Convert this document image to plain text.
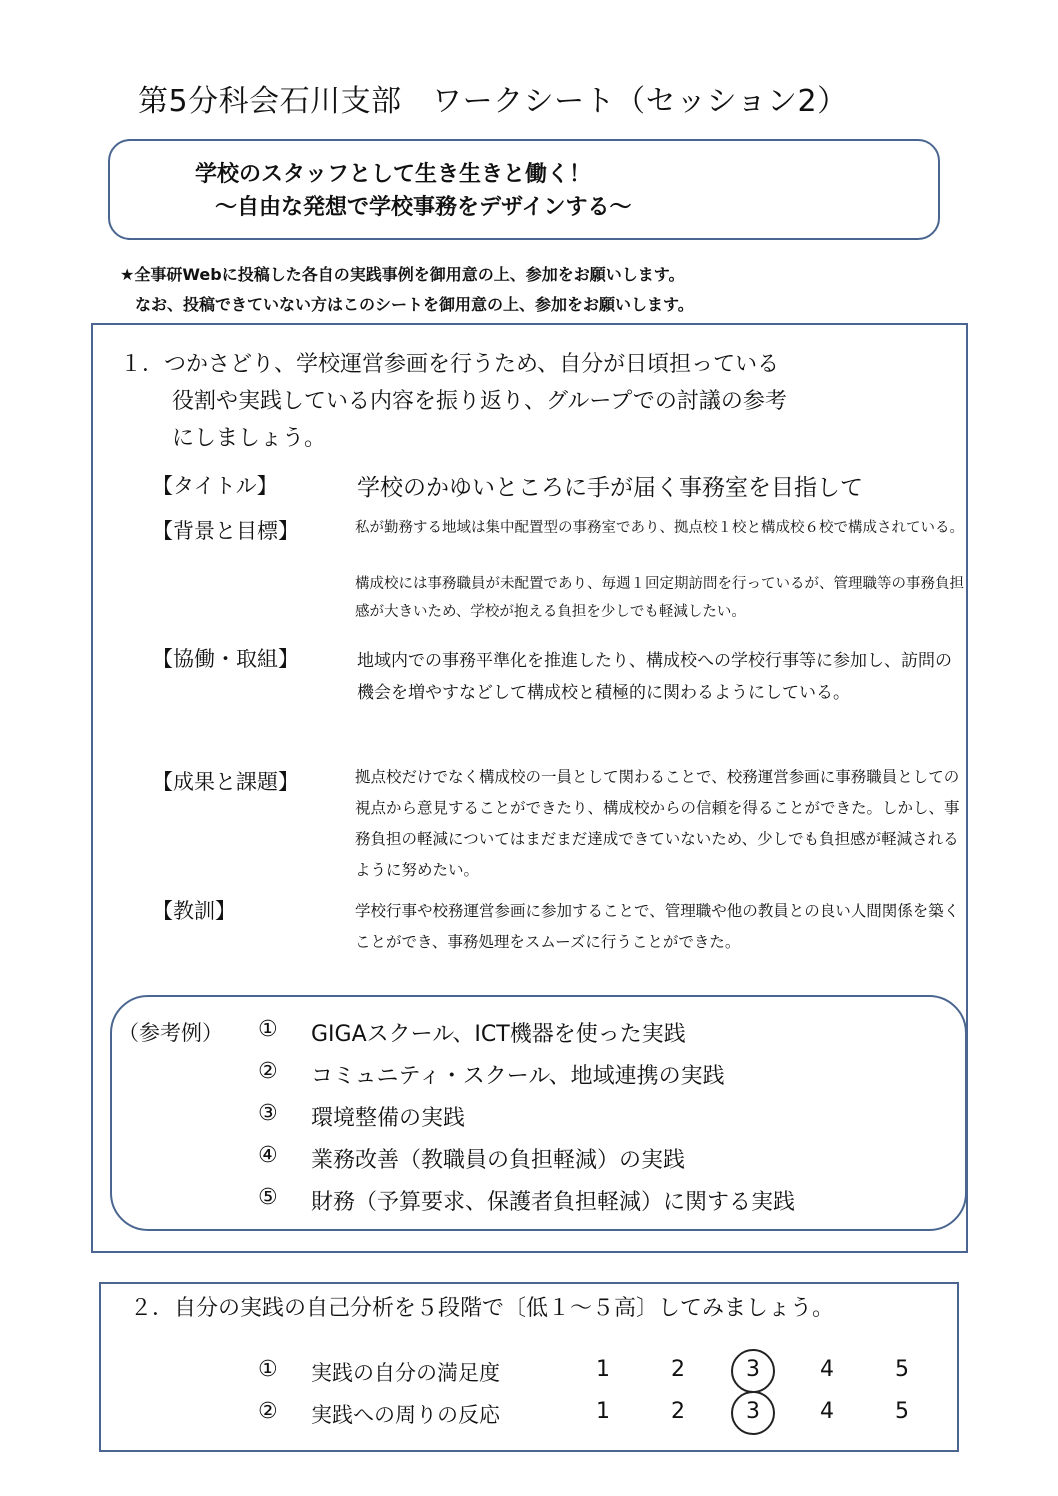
第5分科会石川支部　ワークシート（セッション2）
学校のスタッフとして生き生きと働く！
～自由な発想で学校事務をデザインする～
★全事研Webに投稿した各自の実践事例を御用意の上、参加をお願いします。
なお、投稿できていない方はこのシートを御用意の上、参加をお願いします。
１．つかさどり、学校運営参画を行うため、自分が日頃担っている
役割や実践している内容を振り返り、グループでの討議の参考
にしましょう。
【タイトル】	学校のかゆいところに手が届く事務室を目指して
【背景と目標】	私が勤務する地域は集中配置型の事務室であり、拠点校１校と構成校６校で構成されている。
構成校には事務職員が未配置であり、毎週１回定期訪問を行っているが、管理職等の事務負担感が大きいため、学校が抱える負担を少しでも軽減したい。
【協働・取組】	地域内での事務平準化を推進したり、構成校への学校行事等に参加し、訪問の機会を増やすなどして構成校と積極的に関わるようにしている。
【成果と課題】	拠点校だけでなく構成校の一員として関わることで、校務運営参画に事務職員としての視点から意見することができたり、構成校からの信頼を得ることができた。しかし、事務負担の軽減についてはまだまだ達成できていないため、少しでも負担感が軽減されるように努めたい。
【教訓】	学校行事や校務運営参画に参加することで、管理職や他の教員との良い人間関係を築くことができ、事務処理をスムーズに行うことができた。
（参考例） ① GIGAスクール、ICT機器を使った実践
② コミュニティ・スクール、地域連携の実践
③ 環境整備の実践
④ 業務改善（教職員の負担軽減）の実践
⑤ 財務（予算要求、保護者負担軽減）に関する実践
２．自分の実践の自己分析を５段階で〔低１～５高〕してみましょう。
① 実践の自分の満足度	1	2	3	4	5
② 実践への周りの反応	1	2	3	4	5
